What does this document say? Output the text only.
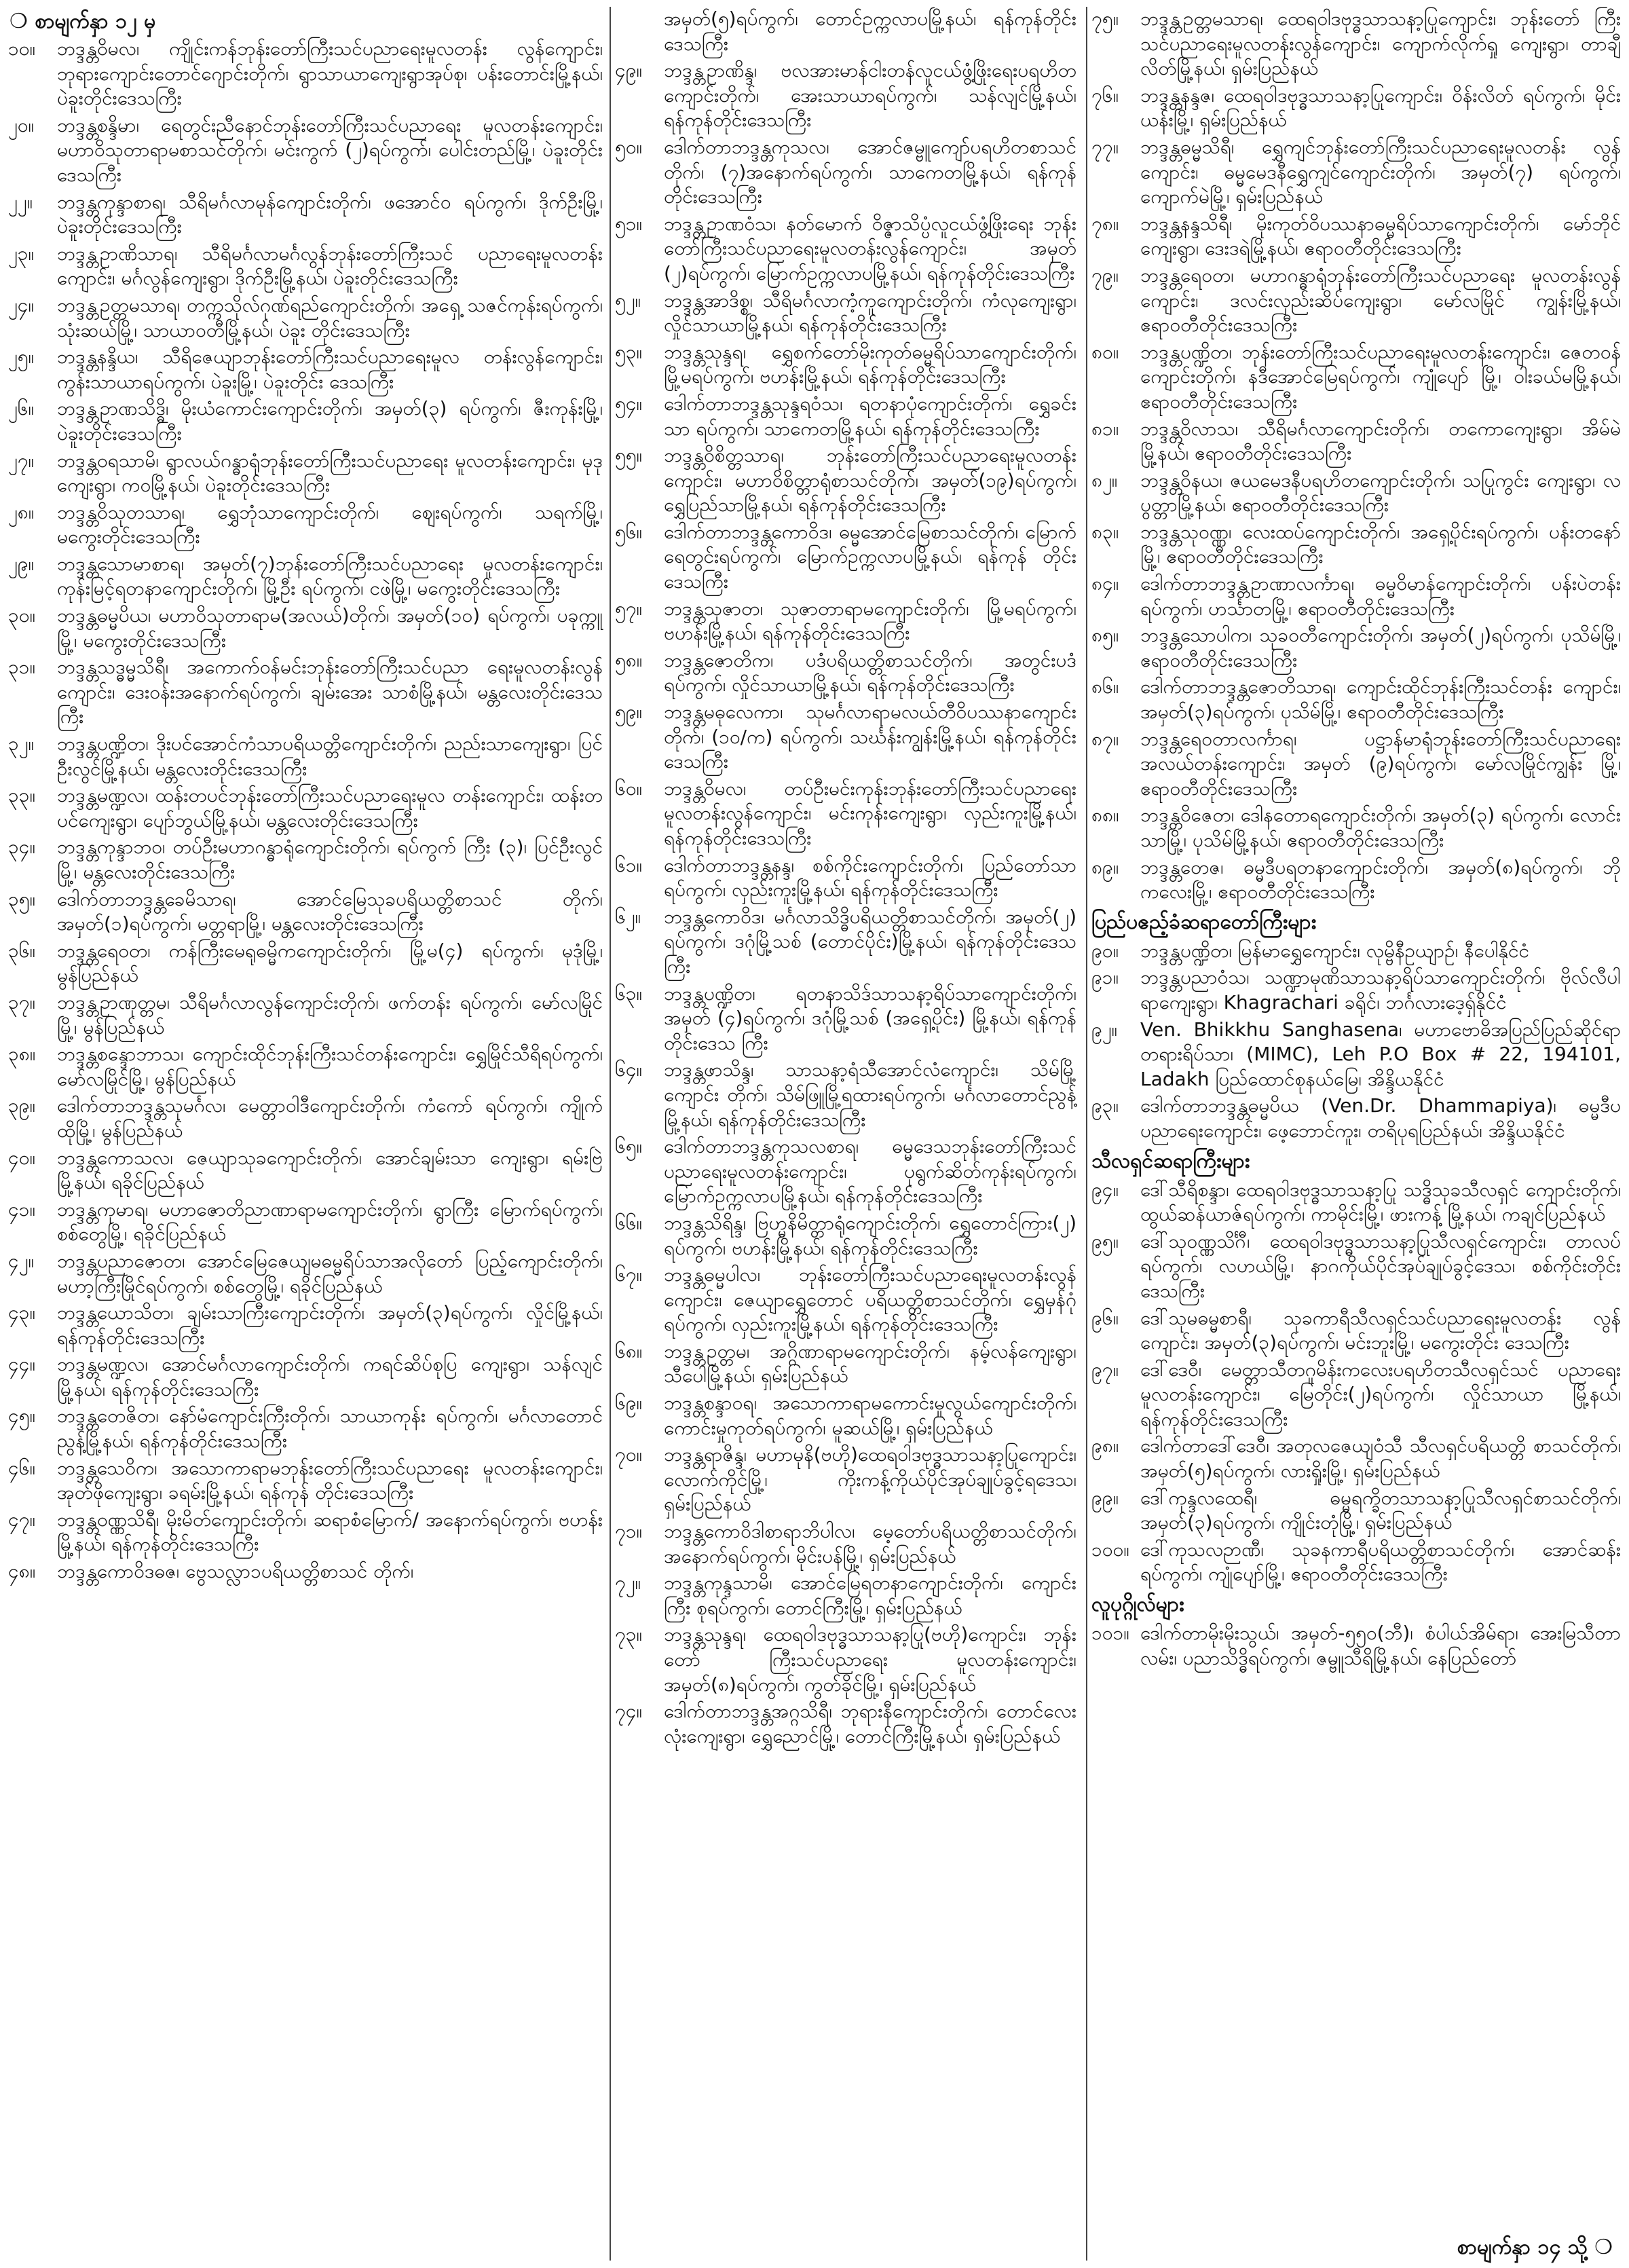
❍ စာမျက်နှာ ၁၂ မှ
၁၀။	ဘဒ္ဒန္တဝိမလ၊ ကျိုင်းကန်ဘုန်းတော်ကြီးသင်ပညာရေးမူလတန်း လွန်ကျောင်း၊ ဘုရားကျောင်းတောင်ဂျောင်းတိုက်၊ ရွာသာယာကျေးရွာအုပ်စု၊ ပန်းတောင်းမြို့နယ်၊ ပဲခူးတိုင်းဒေသကြီး
၂၀။	ဘဒ္ဒန္တစန္ဒိမာ၊ ရေတွင်းညီနောင်ဘုန်းတော်ကြီးသင်ပညာရေး မူလတန်းကျောင်း၊ မဟာဝိသုတာရာမစာသင်တိုက်၊ မင်းကွက် (၂)ရပ်ကွက်၊ ပေါင်းတည်မြို့၊ ပဲခူးတိုင်းဒေသကြီး
၂၂။	ဘဒ္ဒန္တကုန္ဒာစာရ၊ သီရိမင်္ဂလာမုန်ကျောင်းတိုက်၊ ဖအောင်ဝ ရပ်ကွက်၊ ဒိုက်ဦးမြို့၊ ပဲခူးတိုင်းဒေသကြီး
၂၃။	ဘဒ္ဒန္တဥာဏိသာရ၊ သီရိမင်္ဂလာမင်္ဂလွန်ဘုန်းတော်ကြီးသင် ပညာရေးမူလတန်းကျောင်း၊ မင်္ဂလွန်ကျေးရွာ၊ ဒိုက်ဦးမြို့နယ်၊ ပဲခူးတိုင်းဒေသကြီး
၂၄။	ဘဒ္ဒန္တဥတ္တမသာရ၊ တက္ကသိုလ်ဂုဏ်ရည်ကျောင်းတိုက်၊ အရှေ့ သဇင်ကုန်းရပ်ကွက်၊ သုံးဆယ်မြို့၊ သာယာဝတီမြို့နယ်၊ ပဲခူး တိုင်းဒေသကြီး
၂၅။	ဘဒ္ဒန္တနန္ဒိယ၊ သီရိဇေယျာဘုန်းတော်ကြီးသင်ပညာရေးမူလ တန်းလွန်ကျောင်း၊ ကွန်းသာယာရပ်ကွက်၊ ပဲခူးမြို့၊ ပဲခူးတိုင်း ဒေသကြီး
၂၆။	ဘဒ္ဒန္တဥာဏသိဒ္ဓိ၊ မိုးယံကောင်းကျောင်းတိုက်၊ အမှတ်(၃) ရပ်ကွက်၊ ဇီးကုန်းမြို့၊ ပဲခူးတိုင်းဒေသကြီး
၂၇။	ဘဒ္ဒန္တဝရသာမိ၊ ရွာလယ်ဂန္ဓာရုံဘုန်းတော်ကြီးသင်ပညာရေး မူလတန်းကျောင်း၊ မုဒုကျေးရွာ၊ ကဝမြို့နယ်၊ ပဲခူးတိုင်းဒေသကြီး
၂၈။	ဘဒ္ဒန္တဝိသုတသာရ၊ ရွှေဘုံသာကျောင်းတိုက်၊ ဈေးရပ်ကွက်၊ သရက်မြို့၊ မကွေးတိုင်းဒေသကြီး
၂၉။	ဘဒ္ဒန္တသောမာစာရ၊ အမှတ်(၇)ဘုန်းတော်ကြီးသင်ပညာရေး မူလတန်းကျောင်း၊ ကုန်းမြင့်ရတနာကျောင်းတိုက်၊ မြို့ဦး ရပ်ကွက်၊ ငဖဲမြို့၊ မကွေးတိုင်းဒေသကြီး
၃၀။	ဘဒ္ဒန္တဓမ္မပိယ၊ မဟာဝိသုတာရာမ(အလယ်)တိုက်၊ အမှတ်(၁၀) ရပ်ကွက်၊ ပခုက္ကူမြို့၊ မကွေးတိုင်းဒေသကြီး
၃၁။	ဘဒ္ဒန္တသဒ္ဓမ္မသိရီ၊ အကောက်ဝန်မင်းဘုန်းတော်ကြီးသင်ပညာ ရေးမူလတန်းလွန်ကျောင်း၊ ဒေးဝန်းအနောက်ရပ်ကွက်၊ ချမ်းအေး သာစံမြို့နယ်၊ မန္တလေးတိုင်းဒေသကြီး
၃၂။	ဘဒ္ဒန္တပဏ္ဍိတ၊ ဒိုးပင်အောင်ကံသာပရိယတ္တိကျောင်းတိုက်၊ ညည်းသာကျေးရွာ၊ ပြင်ဦးလွင်မြို့နယ်၊ မန္တလေးတိုင်းဒေသကြီး
၃၃။	ဘဒ္ဒန္တမဏ္ဍလ၊ ထန်းတပင်ဘုန်းတော်ကြီးသင်ပညာရေးမူလ တန်းကျောင်း၊ ထန်းတပင်ကျေးရွာ၊ ပျော်ဘွယ်မြို့နယ်၊ မန္တလေးတိုင်းဒေသကြီး
၃၄။	ဘဒ္ဒန္တကုန္ဒာဘဝ၊ တပ်ဦးမဟာဂန္ဓာရုံကျောင်းတိုက်၊ ရပ်ကွက် ကြီး (၃)၊ ပြင်ဦးလွင်မြို့၊ မန္တလေးတိုင်းဒေသကြီး
၃၅။	ဒေါက်တာဘဒ္ဒန္တခေမိသာရ၊ အောင်မြေသုခပရိယတ္တိစာသင် တိုက်၊ အမှတ်(၁)ရပ်ကွက်၊ မတ္တရာမြို့၊ မန္တလေးတိုင်းဒေသကြီး
၃၆။	ဘဒ္ဒန္တရေဝတ၊ ကန်ကြီးမေရုဓမ္မိကကျောင်းတိုက်၊ မြို့မ(၄) ရပ်ကွက်၊ မုဒုံမြို့၊ မွန်ပြည်နယ်
၃၇။	ဘဒ္ဒန္တဥာဏုတ္တမ၊ သီရိမင်္ဂလာလွန်ကျောင်းတိုက်၊ ဖက်တန်း ရပ်ကွက်၊ မော်လမြိုင်မြို့၊ မွန်ပြည်နယ်
၃၈။	ဘဒ္ဒန္တစန္ဒောဘာသ၊ ကျောင်းထိုင်ဘုန်းကြီးသင်တန်းကျောင်း၊ ရွှေမြိုင်သီရိရပ်ကွက်၊ မော်လမြိုင်မြို့၊ မွန်ပြည်နယ်
၃၉။	ဒေါက်တာဘဒ္ဒန္တသုမင်္ဂလ၊ မေတ္တာဝါဒီကျောင်းတိုက်၊ ကံကော် ရပ်ကွက်၊ ကျိုက်ထိုမြို့၊ မွန်ပြည်နယ်
၄၀။	ဘဒ္ဒန္တကောသလ၊ ဇေယျာသုခကျောင်းတိုက်၊ အောင်ချမ်းသာ ကျေးရွာ၊ ရမ်းဗြဲမြို့နယ်၊ ရခိုင်ပြည်နယ်
၄၁။	ဘဒ္ဒန္တကုမာရ၊ မဟာဇောတိညာဏာရာမကျောင်းတိုက်၊ ရွာကြီး မြောက်ရပ်ကွက်၊ စစ်တွေမြို့၊ ရခိုင်ပြည်နယ်
၄၂။	ဘဒ္ဒန္တပညာဇောတ၊ အောင်မြေဇေယျမဓမ္မရိပ်သာအလိုတော် ပြည့်ကျောင်းတိုက်၊ မဟာ့ကြီးမြိုင်ရပ်ကွက်၊ စစ်တွေမြို့၊ ရခိုင်ပြည်နယ်
၄၃။	ဘဒ္ဒန္တယောသိတ၊ ချမ်းသာကြီးကျောင်းတိုက်၊ အမှတ်(၃)ရပ်ကွက်၊ လှိုင်မြို့နယ်၊ ရန်ကုန်တိုင်းဒေသကြီး
၄၄။	ဘဒ္ဒန္တမဏ္ဍလ၊ အောင်မင်္ဂလာကျောင်းတိုက်၊ ကရင်ဆိပ်စုပြ ကျေးရွာ၊ သန်လျင်မြို့နယ်၊ ရန်ကုန်တိုင်းဒေသကြီး
၄၅။	ဘဒ္ဒန္တတေဇိတ၊ နော်မံကျောင်းကြီးတိုက်၊ သာယာကုန်း ရပ်ကွက်၊ မင်္ဂလာတောင်ညွန့်မြို့နယ်၊ ရန်ကုန်တိုင်းဒေသကြီး
၄၆။	ဘဒ္ဒန္တသေဝိက၊ အသောကာရာမဘုန်းတော်ကြီးသင်ပညာရေး မူလတန်းကျောင်း၊ အုတ်ဖိုကျေးရွာ၊ ခရမ်းမြို့နယ်၊ ရန်ကုန် တိုင်းဒေသကြီး
၄၇။	ဘဒ္ဒန္တဝဏ္ဏသိရီ၊ မိုးမိတ်ကျောင်းတိုက်၊ ဆရာစံမြောက်/ အနောက်ရပ်ကွက်၊ ဗဟန်းမြို့နယ်၊ ရန်ကုန်တိုင်းဒေသကြီး
၄၈။	ဘဒ္ဒန္တကောဝိဒဓဇ၊ ဗွေသလ္လာ၁ပရိယတ္တိစာသင် တိုက်၊
အမှတ်(၅)ရပ်ကွက်၊ တောင်ဥက္ကလာပမြို့နယ်၊ ရန်ကုန်တိုင်း ဒေသကြီး
၄၉။	ဘဒ္ဒန္တဥာဏိန္ဒ၊ ဗလအားမာန်ငါးတန်လူငယ်ဖွံ့ဖြိုးရေးပရဟိတ ကျောင်းတိုက်၊ အေးသာယာရပ်ကွက်၊ သန်လျင်မြို့နယ်၊ ရန်ကုန်တိုင်းဒေသကြီး
၅၀။	ဒေါက်တာဘဒ္ဒန္တကုသလ၊ အောင်ဇမ္ဗူကျော်ပရဟိတစာသင် တိုက်၊ (၇)အနောက်ရပ်ကွက်၊ သာကေတမြို့နယ်၊ ရန်ကုန် တိုင်းဒေသကြီး
၅၁။	ဘဒ္ဒန္တဥာဏဝံသ၊ နတ်မောက် ဝိဇ္ဇာသိပ္ပံလူငယ်ဖွံ့ဖြိုးရေး ဘုန်းတော်ကြီးသင်ပညာရေးမူလတန်းလွန်ကျောင်း၊ အမှတ် (၂)ရပ်ကွက်၊ မြောက်ဥက္ကလာပမြို့နယ်၊ ရန်ကုန်တိုင်းဒေသကြီး
၅၂။	ဘဒ္ဒန္တအာဒိစ္စ၊ သီရိမင်္ဂလာကံ့ကူကျောင်းတိုက်၊ ကံလုကျေးရွာ၊ လှိုင်သာယာမြို့နယ်၊ ရန်ကုန်တိုင်းဒေသကြီး
၅၃။	ဘဒ္ဒန္တသုန္ဒရ၊ ရွှေစက်တော်မိုးကုတ်ဓမ္မရိပ်သာကျောင်းတိုက်၊ မြို့မရပ်ကွက်၊ ဗဟန်းမြို့နယ်၊ ရန်ကုန်တိုင်းဒေသကြီး
၅၄။	ဒေါက်တာဘဒ္ဒန္တသုန္ဒရဝံသ၊ ရတနာပုံကျောင်းတိုက်၊ ရွှေခင်းသာ ရပ်ကွက်၊ သာကေတမြို့နယ်၊ ရန်ကုန်တိုင်းဒေသကြီး
၅၅။	ဘဒ္ဒန္တဝိစိတ္တသာရ၊ ဘုန်းတော်ကြီးသင်ပညာရေးမူလတန်း ကျောင်း၊ မဟာဝိစိတ္တာရုံစာသင်တိုက်၊ အမှတ်(၁၉)ရပ်ကွက်၊ ရွှေပြည်သာမြို့နယ်၊ ရန်ကုန်တိုင်းဒေသကြီး
၅၆။	ဒေါက်တာဘဒ္ဒန္တကောဝိဒ၊ ဓမ္မအောင်မြေစာသင်တိုက်၊ မြောက်ရေတွင်းရပ်ကွက်၊ မြောက်ဥက္ကလာပမြို့နယ်၊ ရန်ကုန် တိုင်းဒေသကြီး
၅၇။	ဘဒ္ဒန္တသုဇာတ၊ သုဇာတာရာမကျောင်းတိုက်၊ မြို့မရပ်ကွက်၊ ဗဟန်းမြို့နယ်၊ ရန်ကုန်တိုင်းဒေသကြီး
၅၈။	ဘဒ္ဒန္တဇောတိက၊ ပဒံပရိယတ္တိစာသင်တိုက်၊ အတွင်းပဒံ ရပ်ကွက်၊ လှိုင်သာယာမြို့နယ်၊ ရန်ကုန်တိုင်းဒေသကြီး
၅၉။	ဘဒ္ဒန္တမဓုလေကာ၊ သုမင်္ဂလာရာမလယ်တီဝိပဿနာကျောင်း တိုက်၊ (၁၀/က) ရပ်ကွက်၊ သင်္ဃန်းကျွန်းမြို့နယ်၊ ရန်ကုန်တိုင်း ဒေသကြီး
၆၀။	ဘဒ္ဒန္တဝိမလ၊ တပ်ဦးမင်းကုန်းဘုန်းတော်ကြီးသင်ပညာရေး မူလတန်းလွန်ကျောင်း၊ မင်းကုန်းကျေးရွာ၊ လှည်းကူးမြို့နယ်၊ ရန်ကုန်တိုင်းဒေသကြီး
၆၁။	ဒေါက်တာဘဒ္ဒန္တနန္ဒ၊ စစ်ကိုင်းကျောင်းတိုက်၊ ပြည်တော်သာ ရပ်ကွက်၊ လှည်းကူးမြို့နယ်၊ ရန်ကုန်တိုင်းဒေသကြီး
၆၂။	ဘဒ္ဒန္တကောဝိဒ၊ မင်္ဂလာသိဒ္ဓိပရိယတ္တိစာသင်တိုက်၊ အမှတ်(၂) ရပ်ကွက်၊ ဒဂုံမြို့သစ် (တောင်ပိုင်း)မြို့နယ်၊ ရန်ကုန်တိုင်းဒေသကြီး
၆၃။	ဘဒ္ဒန္တပဏ္ဍိတ၊ ရတနာသိဒ်သာသနာ့ရိပ်သာကျောင်းတိုက်၊ အမှတ် (၄)ရပ်ကွက်၊ ဒဂုံမြို့သစ် (အရှေ့ပိုင်း) မြို့နယ်၊ ရန်ကုန် တိုင်းဒေသ ကြီး
၆၄။	ဘဒ္ဒန္တဖာသိန္ဒ၊ သာသနာ့ရံသီအောင်လံကျောင်း၊ သိမ်မြို့ကျောင်း တိုက်၊ သိမ်ဖြူမြို့ရထားရပ်ကွက်၊ မင်္ဂလာတောင်ညွန့်မြို့နယ်၊ ရန်ကုန်တိုင်းဒေသကြီး
၆၅။	ဒေါက်တာဘဒ္ဒန္တကုသလစာရ၊ ဓမ္မဒေသဘုန်းတော်ကြီးသင် ပညာရေးမူလတန်းကျောင်း၊ ပုရွက်ဆိတ်ကုန်းရပ်ကွက်၊ မြောက်ဥက္ကလာပမြို့နယ်၊ ရန်ကုန်တိုင်းဒေသကြီး
၆၆။	ဘဒ္ဒန္တသိရိန္ဒ၊ ဗြဟ္မနိမိတ္တာရုံကျောင်းတိုက်၊ ရွှေတောင်ကြား(၂) ရပ်ကွက်၊ ဗဟန်းမြို့နယ်၊ ရန်ကုန်တိုင်းဒေသကြီး
၆၇။	ဘဒ္ဒန္တဓမ္မပါလ၊ ဘုန်းတော်ကြီးသင်ပညာရေးမူလတန်းလွန် ကျောင်း၊ ဇေယျာရွှေတောင် ပရိယတ္တိစာသင်တိုက်၊ ရွှေမှန်ဂုံ ရပ်ကွက်၊ လှည်းကူးမြို့နယ်၊ ရန်ကုန်တိုင်းဒေသကြီး
၆၈။	ဘဒ္ဒန္တဥတ္တမ၊ အဂ္ဂိဏာရာမကျောင်းတိုက်၊ နမ့်လန်ကျေးရွာ၊ သီပေါမြို့နယ်၊ ရှမ်းပြည်နယ်
၆၉။	ဘဒ္ဒန္တစန္ဒာဝရ၊ အသောကာရာမကောင်းမှုလွယ်ကျောင်းတိုက်၊ ကောင်းမှုကုတ်ရပ်ကွက်၊ မူဆယ်မြို့၊ ရှမ်းပြည်နယ်
၇၀။	ဘဒ္ဒန္တရာဇိန္ဒ၊ မဟာမုနိ(ဗဟို)ထေရဝါဒဗုဒ္ဓသာသနာ့ပြုကျောင်း၊ လောက်ကိုင်မြို့၊ ကိုးကန့်ကိုယ်ပိုင်အုပ်ချုပ်ခွင့်ရဒေသ၊ ရှမ်းပြည်နယ်
၇၁။	ဘဒ္ဒန္တကောဝိဒါစာရာဘိပါလ၊ မေ့တော်ပရိယတ္တိစာသင်တိုက်၊ အနောက်ရပ်ကွက်၊ မိုင်းပန်မြို့၊ ရှမ်းပြည်နယ်
၇၂။	ဘဒ္ဒန္တကုန္ဒသာမိ၊ အောင်မြေရတနာကျောင်းတိုက်၊ ကျောင်းကြီး စုရပ်ကွက်၊ တောင်ကြီးမြို့၊ ရှမ်းပြည်နယ်
၇၃။	ဘဒ္ဒန္တသုန္ဒရ၊ ထေရဝါဒဗုဒ္ဓသာသနာ့ပြု(ဗဟို)ကျောင်း၊ ဘုန်းတော် ကြီးသင်ပညာရေး မူလတန်းကျောင်း၊ အမှတ်(၈)ရပ်ကွက်၊ ကွတ်ခိုင်မြို့၊ ရှမ်းပြည်နယ်
၇၄။	ဒေါက်တာဘဒ္ဒန္တအဂ္ဂသိရီ၊ ဘုရားနီကျောင်းတိုက်၊ တောင်လေး လုံးကျေးရွာ၊ ရွှေညောင်မြို့၊ တောင်ကြီးမြို့နယ်၊ ရှမ်းပြည်နယ်
၇၅။	ဘဒ္ဒန္တဥတ္တမသာရ၊ ထေရဝါဒဗုဒ္ဓသာသနာ့ပြုကျောင်း၊ ဘုန်းတော် ကြီးသင်ပညာရေးမူလတန်းလွန်ကျောင်း၊ ကျောက်လိုက်ရှု ကျေးရွာ၊ တာချီလိတ်မြို့နယ်၊ ရှမ်းပြည်နယ်
၇၆။	ဘဒ္ဒန္တနန္ဒဇ၊ ထေရဝါဒဗုဒ္ဓသာသနာ့ပြုကျောင်း၊ ဝိန်းလိတ် ရပ်ကွက်၊ မိုင်းယန်းမြို့၊ ရှမ်းပြည်နယ်
၇၇။	ဘဒ္ဒန္တဓမ္မသိရီ၊ ရွှေကျင်ဘုန်းတော်ကြီးသင်ပညာရေးမူလတန်း လွန်ကျောင်း၊ ဓမ္မမေဒနီရွှေကျင်ကျောင်းတိုက်၊ အမှတ်(၇) ရပ်ကွက်၊ ကျောက်မဲမြို့၊ ရှမ်းပြည်နယ်
၇၈။	ဘဒ္ဒန္တနန္ဒသိရီ၊ မိုးကုတ်ဝိပဿနာဓမ္မရိပ်သာကျောင်းတိုက်၊ မော်ဘိုင်ကျေးရွာ၊ ဒေးဒရဲမြို့နယ်၊ ဧရာဝတီတိုင်းဒေသကြီး
၇၉။	ဘဒ္ဒန္တရေဝတ၊ မဟာဂန္ဓာရုံဘုန်းတော်ကြီးသင်ပညာရေး မူလတန်းလွန်ကျောင်း၊ ဒလင်းလှည်းဆိပ်ကျေးရွာ၊ မော်လမြိုင် ကျွန်းမြို့နယ်၊ ဧရာဝတီတိုင်းဒေသကြီး
၈၀။	ဘဒ္ဒန္တပဏ္ဍိတ၊ ဘုန်းတော်ကြီးသင်ပညာရေးမူလတန်းကျောင်း၊ ဇေတဝန်ကျောင်းတိုက်၊ နဒီအောင်မြေရပ်ကွက်၊ ကျုံပျော် မြို့၊ ဝါးခယ်မမြို့နယ်၊ ဧရာဝတီတိုင်းဒေသကြီး
၈၁။	ဘဒ္ဒန္တဝိလာသ၊ သီရိမင်္ဂလာကျောင်းတိုက်၊ တကောကျေးရွာ၊ အိမ်မဲမြို့နယ်၊ ဧရာဝတီတိုင်းဒေသကြီး
၈၂။	ဘဒ္ဒန္တဝိနယ၊ ဇယမေဒနီပရဟိတကျောင်းတိုက်၊ သပြုကွင်း ကျေးရွာ၊ လပွတ္တာမြို့နယ်၊ ဧရာဝတီတိုင်းဒေသကြီး
၈၃။	ဘဒ္ဒန္တသုဝဏ္ဏ၊ လေးထပ်ကျောင်းတိုက်၊ အရှေ့ပိုင်းရပ်ကွက်၊ ပန်းတနော်မြို့၊ ဧရာဝတီတိုင်းဒေသကြီး
၈၄။	ဒေါက်တာဘဒ္ဒန္တဥာဏာလင်္ကာရ၊ ဓမ္မဝိမာန်ကျောင်းတိုက်၊ ပန်းပဲတန်းရပ်ကွက်၊ ဟင်္သာတမြို့၊ ဧရာဝတီတိုင်းဒေသကြီး
၈၅။	ဘဒ္ဒန္တသောပါက၊ သုခဝတီကျောင်းတိုက်၊ အမှတ်(၂)ရပ်ကွက်၊ ပုသိမ်မြို့၊ ဧရာဝတီတိုင်းဒေသကြီး
၈၆။	ဒေါက်တာဘဒ္ဒန္တဇောတိသာရ၊ ကျောင်းထိုင်ဘုန်းကြီးသင်တန်း ကျောင်း၊ အမှတ်(၃)ရပ်ကွက်၊ ပုသိမ်မြို့၊ ဧရာဝတီတိုင်းဒေသကြီး
၈၇။	ဘဒ္ဒန္တရေဝတာလင်္ကာရ၊ ပဋ္ဌာန်မာရုံဘုန်းတော်ကြီးသင်ပညာရေး အလယ်တန်းကျောင်း၊ အမှတ် (၉)ရပ်ကွက်၊ မော်လမြိုင်ကျွန်း မြို့၊ ဧရာဝတီတိုင်းဒေသကြီး
၈၈။	ဘဒ္ဒန္တဝိဇေတ၊ ဒေါနတောရကျောင်းတိုက်၊ အမှတ်(၃) ရပ်ကွက်၊ လောင်းသာမြို့၊ ပုသိမ်မြို့နယ်၊ ဧရာဝတီတိုင်းဒေသကြီး
၈၉။	ဘဒ္ဒန္တတေဇ၊ ဓမ္မဒီပရတနာကျောင်းတိုက်၊ အမှတ်(၈)ရပ်ကွက်၊ ဘိုကလေးမြို့၊ ဧရာဝတီတိုင်းဒေသကြီး
ပြည်ပဧည့်ခံဆရာတော်ကြီးများ
၉၀။	ဘဒ္ဒန္တပဏ္ဍိတ၊ မြန်မာရွှေကျောင်း၊ လုမ္ဗိနီဥယျာဉ်၊ နီပေါနိုင်ငံ
၉၁။	ဘဒ္ဒန္တပညာဝံသ၊ သဏ္ဍာမုဏိသာသနာ့ရိပ်သာကျောင်းတိုက်၊ ဗိုလ်လီပါရာကျေးရွာ၊ Khagrachari ခရိုင်၊ ဘင်္ဂလားဒေ့ရှ်နိုင်ငံ
၉၂။	Ven. Bhikkhu Sanghasena၊ မဟာဗောဓိအပြည်ပြည်ဆိုင်ရာ တရားရိပ်သာ၊ (MIMC), Leh P.O Box # 22, 194101, Ladakh ပြည်ထောင်စုနယ်မြေ၊ အိန္ဒိယနိုင်ငံ
၉၃။	ဒေါက်တာဘဒ္ဒန္တဓမ္မပိယ (Ven.Dr. Dhammapiya)၊ ဓမ္မဒီပ ပညာရေးကျောင်း၊ ဖေ့ဘောင်ကူး၊ တရိပုရပြည်နယ်၊ အိန္ဒိယနိုင်ငံ
သီလရှင်ဆရာကြီးများ
၉၄။	ဒေါ်သီရိစန္ဒာ၊ ထေရဝါဒဗုဒ္ဓသာသနာ့ပြု သဒ္ဓိသုခသီလရှင် ကျောင်းတိုက်၊ ထွယ်ဆန်ယာဇ်ရပ်ကွက်၊ ကာမိုင်းမြို့၊ ဖားကန့် မြို့နယ်၊ ကချင်ပြည်နယ်
၉၅။	ဒေါ်သုဝဏ္ဏသိင်္ဂီ၊ ထေရဝါဒဗုဒ္ဓသာသနာ့ပြုသီလရှင်ကျောင်း၊ တာလပ်ရပ်ကွက်၊ လဟယ်မြို့၊ နာဂကိုယ်ပိုင်အုပ်ချုပ်ခွင့်ဒေသ၊ စစ်ကိုင်းတိုင်းဒေသကြီး
၉၆။	ဒေါ်သုမဓမ္မစာရီ၊ သုခကာရီသီလရှင်သင်ပညာရေးမူလတန်း လွန်ကျောင်း၊ အမှတ်(၃)ရပ်ကွက်၊ မင်းဘူးမြို့၊ မကွေးတိုင်း ဒေသကြီး
၉၇။	ဒေါ်ဒေဝီ၊ မေတ္တာသီတဂူမိန်းကလေးပရဟိတသီလရှင်သင် ပညာရေးမူလတန်းကျောင်း၊ မြေတိုင်း(၂)ရပ်ကွက်၊ လှိုင်သာယာ မြို့နယ်၊ ရန်ကုန်တိုင်းဒေသကြီး
၉၈။	ဒေါက်တာဒေါ်ဒေဝီ၊ အတုလဇေယျဝံသီ သီလရှင်ပရိယတ္တိ စာသင်တိုက်၊ အမှတ်(၅)ရပ်ကွက်၊ လားရှိုးမြို့၊ ရှမ်းပြည်နယ်
၉၉။	ဒေါ်ကုန္ဒလထေရီ၊ ဓမ္မရက္ခိတသာသနာ့ပြုသီလရှင်စာသင်တိုက်၊ အမှတ်(၃)ရပ်ကွက်၊ ကျိုင်းတုံမြို့၊ ရှမ်းပြည်နယ်
၁၀၀။ ဒေါ်ကုသလဉာဏီ၊ သုခနကာရီပရိယတ္တိစာသင်တိုက်၊ အောင်ဆန်းရပ်ကွက်၊ ကျုံပျော်မြို့၊ ဧရာဝတီတိုင်းဒေသကြီး
လူပုဂ္ဂိုလ်များ
၁၀၁။ ဒေါက်တာမိုးမိုးသွယ်၊ အမှတ်-၅၅၀(ဘီ)၊ စံပါယ်အိမ်ရာ၊ အေးမြသီတာလမ်း၊ ပညာသိဒ္ဓိရပ်ကွက်၊ ဇမ္ဗူသီရိမြို့နယ်၊ နေပြည်တော်
စာမျက်နှာ ၁၄ သို့ ❍
